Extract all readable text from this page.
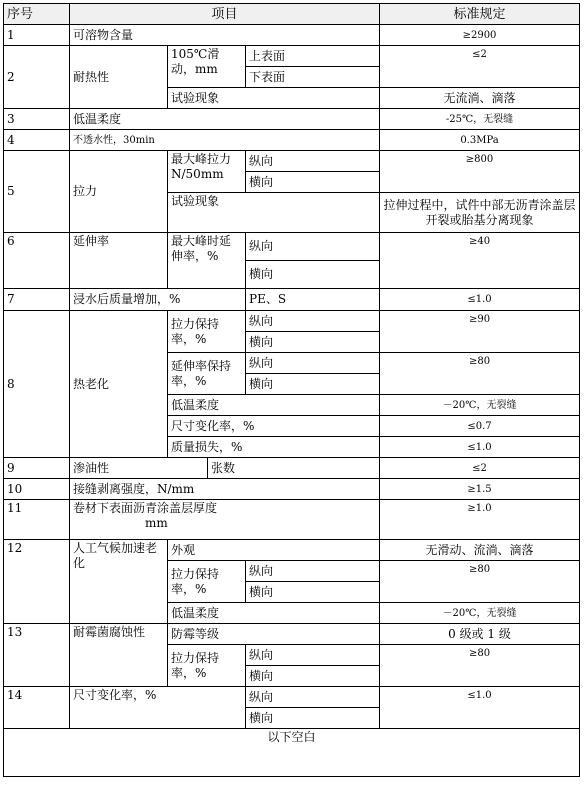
序号	项目				标准规定
1	可溶物含量				≥2900
2	耐热性	105℃滑动，mm		上表面	≤2
				下表面	
		试验现象			无流淌、滴落
3	低温柔度				-25℃，无裂缝
4	不透水性，30min				0.3MPa
5	拉力	最大峰拉力 N/50mm		纵向	≥800
				横向	
		试验现象			拉伸过程中，试件中部无沥青涂盖层开裂或胎基分离现象
6	延伸率	最大峰时延伸率，%		纵向	≥40
				横向	
7	浸水后质量增加，%			PE、S	≤1.0
8	热老化	拉力保持率，%		纵向	≥90
				横向	
		延伸率保持率，%		纵向	≥80
				横向	
		低温柔度			－20℃，无裂缝
		尺寸变化率，%			≤0.7
		质量损失，%			≤1.0
9	渗油性		张数		≤2
10	接缝剥离强度，N/mm				≥1.5
11	卷材下表面沥青涂盖层厚度
mm				≥1.0
12	人工气候加速老化	外观			无滑动、流淌、滴落
		拉力保持率，%		纵向	≥80
				横向	
		低温柔度			－20℃，无裂缝
13	耐霉菌腐蚀性	防霉等级			0 级或 1 级
		拉力保持率，%		纵向	≥80
				横向	
14	尺寸变化率，%			纵向	≤1.0
				横向	
以下空白					
